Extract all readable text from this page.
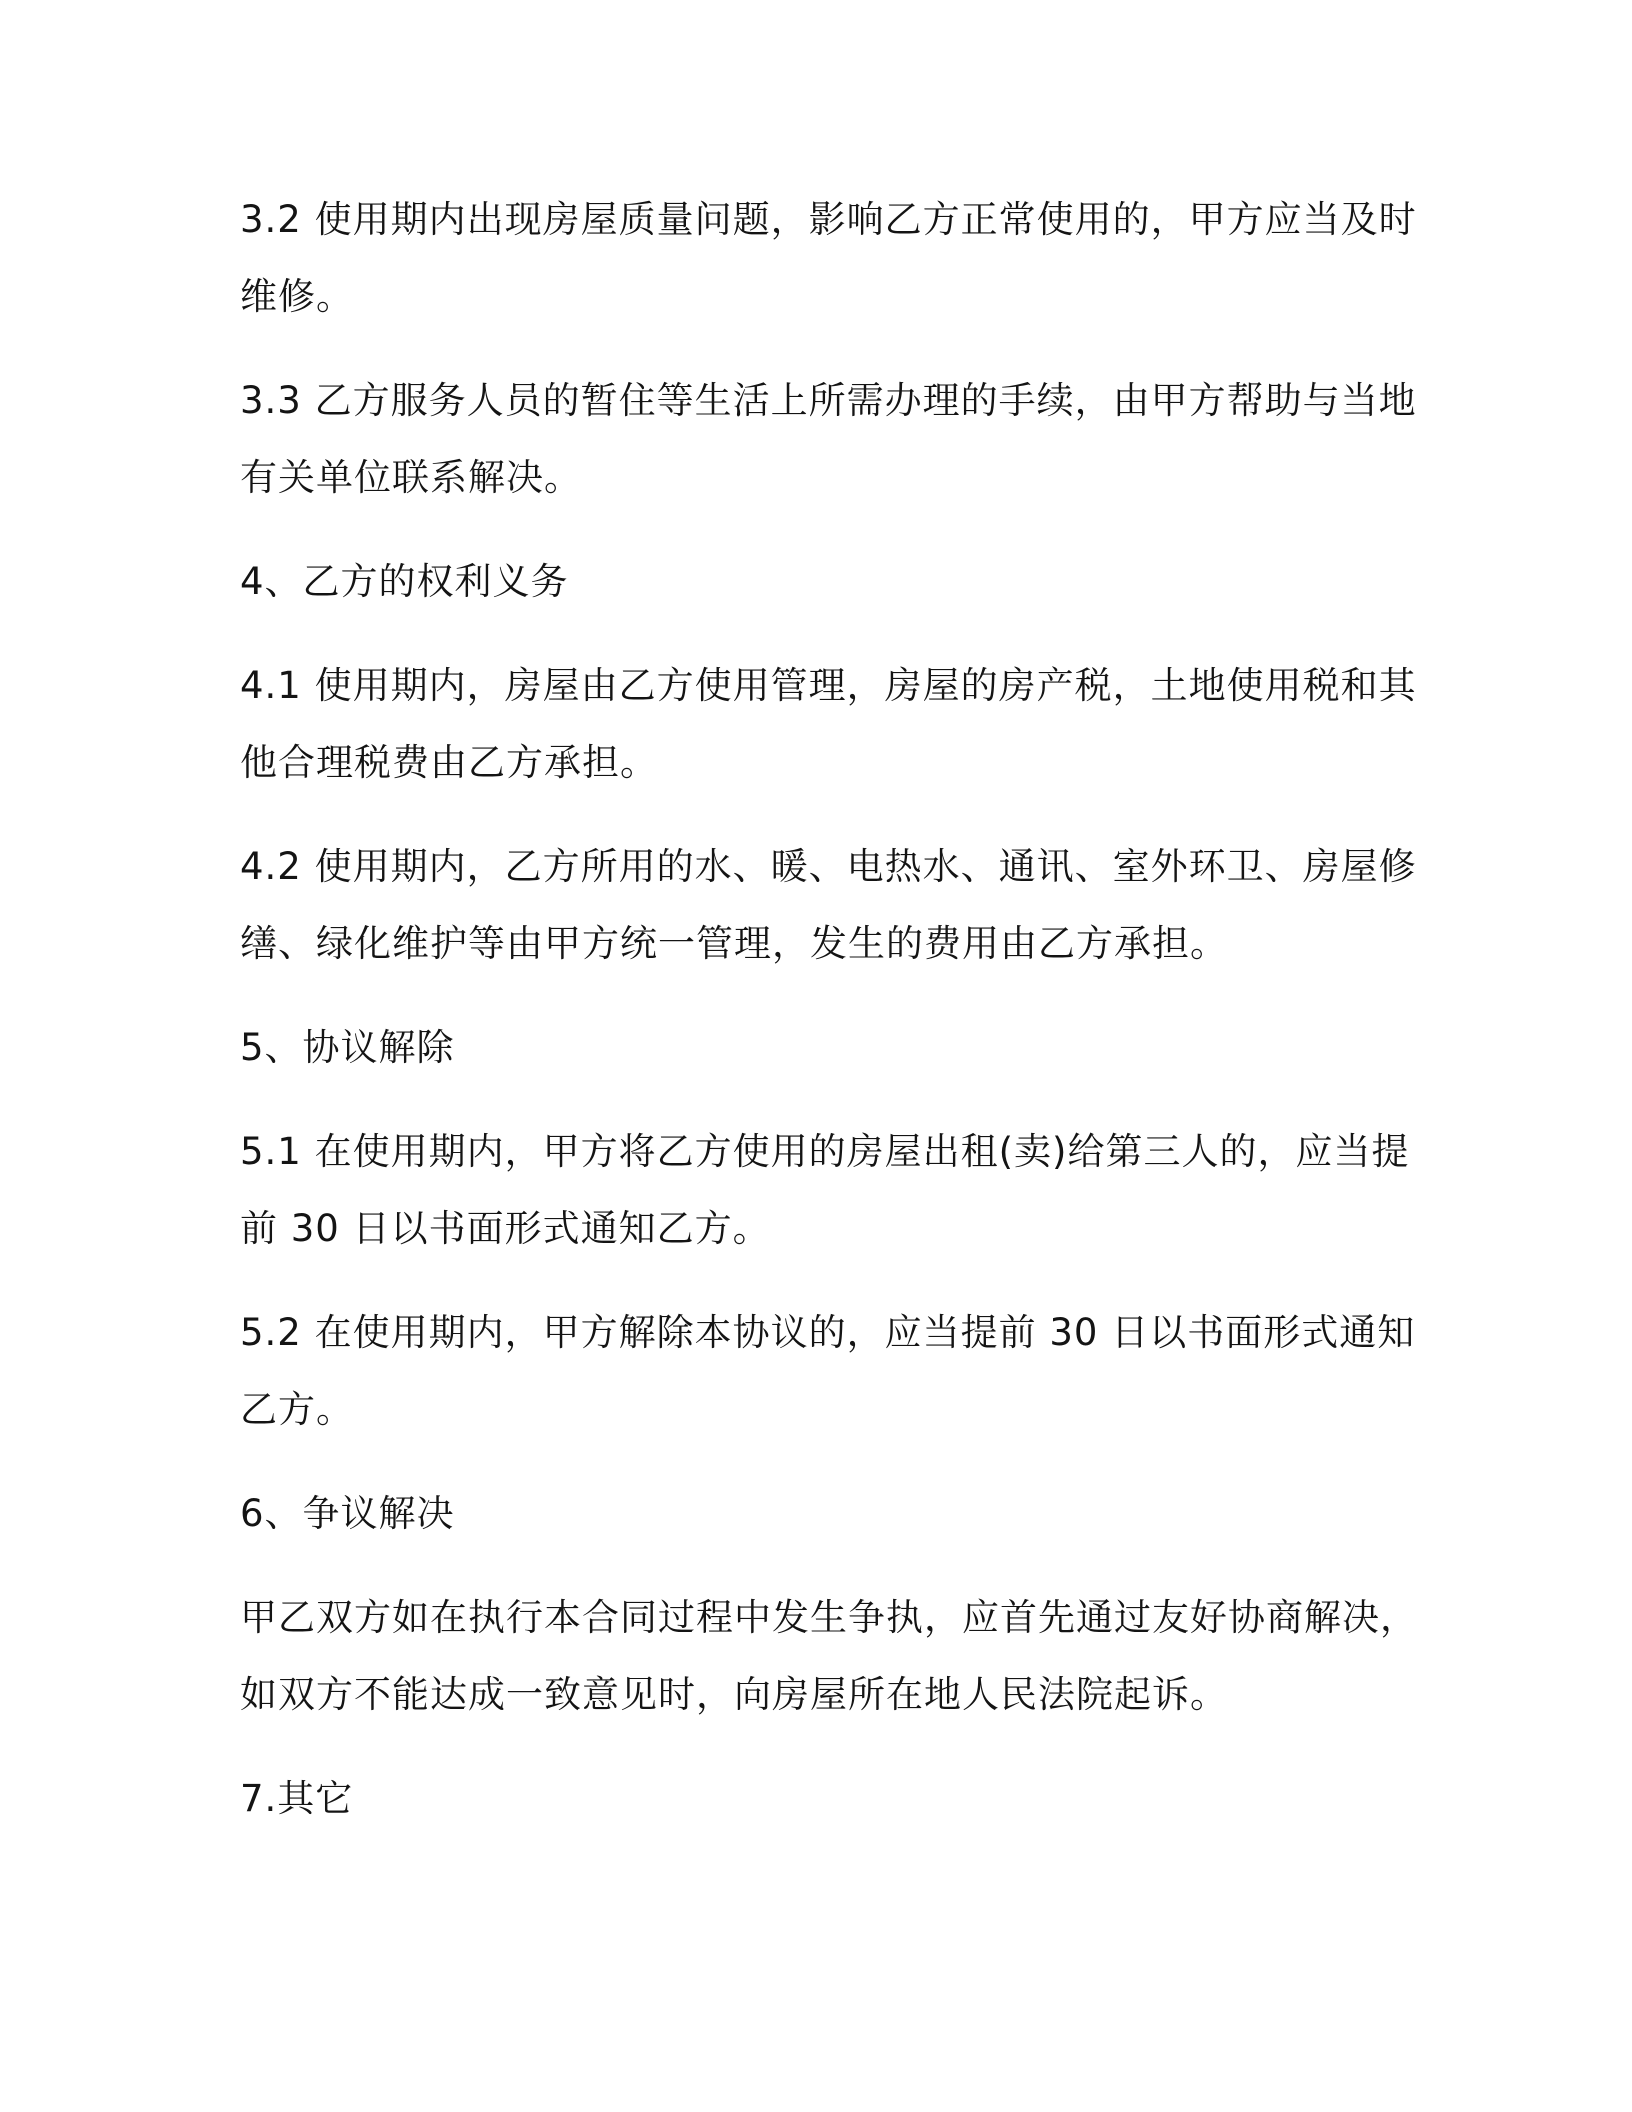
3.2 使用期内出现房屋质量问题，影响乙方正常使用的，甲方应当及时
维修。
3.3 乙方服务人员的暂住等生活上所需办理的手续，由甲方帮助与当地
有关单位联系解决。
4、乙方的权利义务
4.1 使用期内，房屋由乙方使用管理，房屋的房产税，土地使用税和其
他合理税费由乙方承担。
4.2 使用期内，乙方所用的水、暖、电热水、通讯、室外环卫、房屋修
缮、绿化维护等由甲方统一管理，发生的费用由乙方承担。
5、协议解除
5.1 在使用期内，甲方将乙方使用的房屋出租(卖)给第三人的，应当提
前 30 日以书面形式通知乙方。
5.2 在使用期内，甲方解除本协议的，应当提前 30 日以书面形式通知
乙方。
6、争议解决
甲乙双方如在执行本合同过程中发生争执，应首先通过友好协商解决，
如双方不能达成一致意见时，向房屋所在地人民法院起诉。
7.其它
